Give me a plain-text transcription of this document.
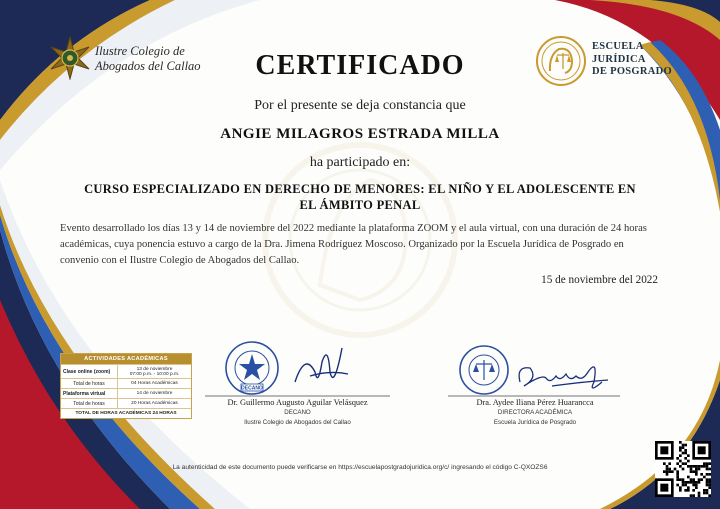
Ilustre Colegio de
Abogados del Callao
ESCUELA
JURÍDICA
DE POSGRADO
CERTIFICADO
Por el presente se deja constancia que
ANGIE MILAGROS ESTRADA MILLA
ha participado en:
CURSO ESPECIALIZADO EN DERECHO DE MENORES: EL NIÑO Y EL ADOLESCENTE EN
EL ÁMBITO PENAL
Evento desarrollado los días 13 y 14 de noviembre del 2022 mediante la plataforma ZOOM y el aula virtual, con una duración de 24 horas académicas, cuya ponencia estuvo a cargo de la Dra. Jimena Rodríguez Moscoso. Organizado por la Escuela Jurídica de Posgrado en convenio con el Ilustre Colegio de Abogados del Callao.
15 de noviembre del 2022
ACTIVIDADES ACADÉMICAS
Clase online (zoom)	13 de noviembre
07:00 p.m. - 10:00 p.m.
Total de horas	04 Horas Académicas
Plataforma virtual	14 de noviembre
Total de horas	20 Horas Académicas
TOTAL DE HORAS ACADÉMICAS 24 HORAS
DECANO
Dr. Guillermo Augusto Aguilar Velásquez
DECANO
Ilustre Colegio de Abogados del Callao
Dra. Aydee Iliana Pérez Huarancca
DIRECTORA ACADÉMICA
Escuela Jurídica de Posgrado
La autenticidad de este documento puede verificarse en https://escuelapostgradojuridica.org/c/ ingresando el código C-QXOZS6
